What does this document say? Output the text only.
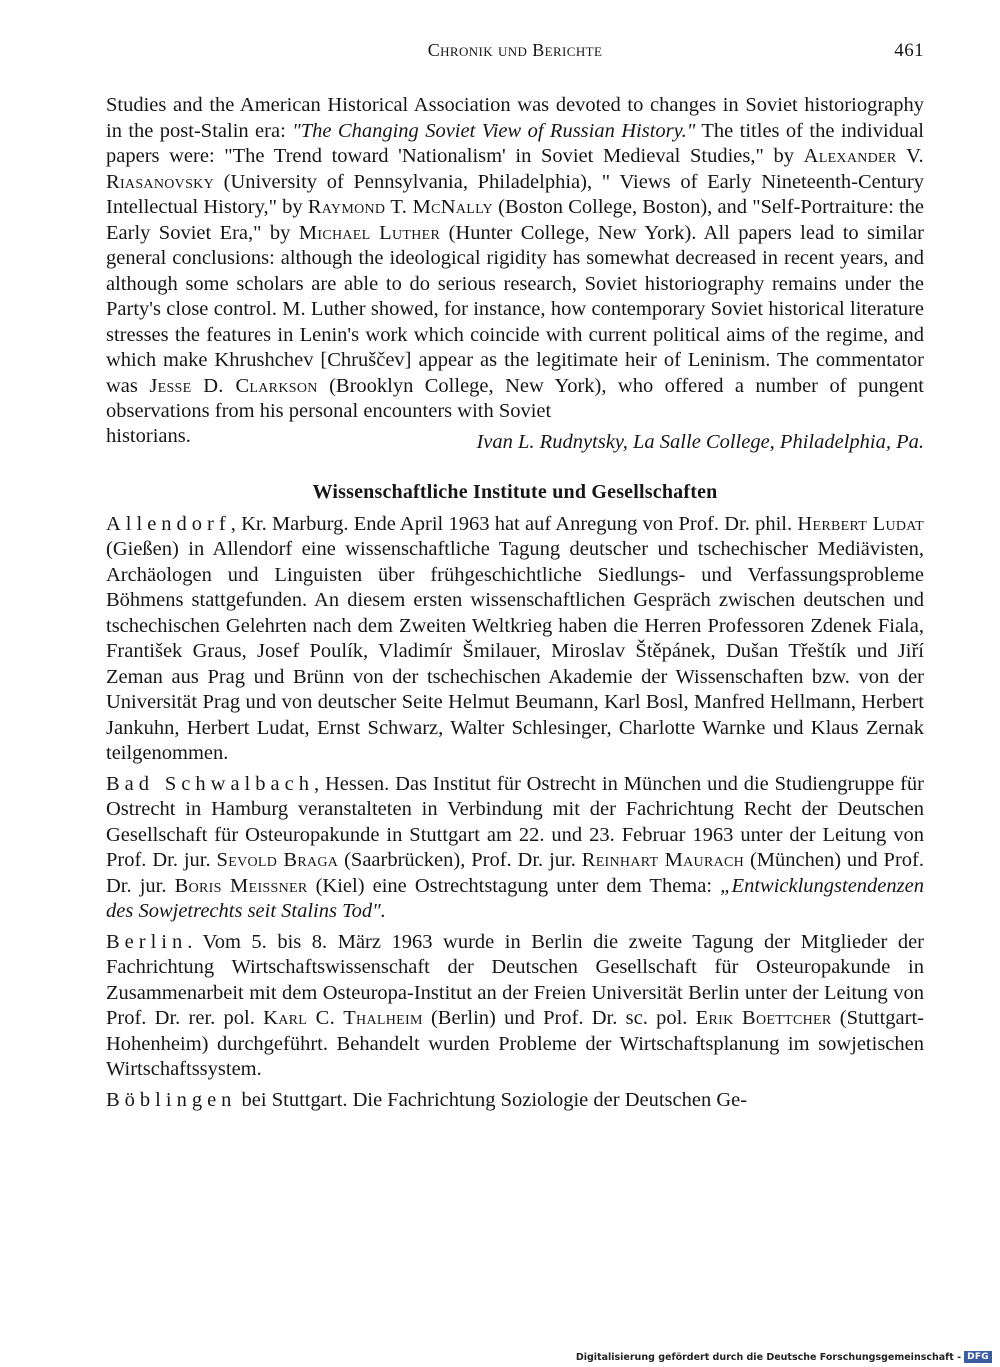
Chronik und Berichte	461

Studies and the American Historical Association was devoted to changes in Soviet historiography in the post-Stalin era: "The Changing Soviet View of Russian History." The titles of the individual papers were: "The Trend toward 'Nationalism' in Soviet Medieval Studies," by Alexander V. Riasanovsky (University of Pennsylvania, Philadelphia), " Views of Early Nineteenth-Century Intellectual History," by Raymond T. McNally (Boston College, Boston), and "Self-Portraiture: the Early Soviet Era," by Michael Luther (Hunter College, New York). All papers lead to similar general conclusions: although the ideological rigidity has somewhat decreased in recent years, and although some scholars are able to do serious research, Soviet historiography remains under the Party's close control. M. Luther showed, for instance, how contemporary Soviet historical literature stresses the features in Lenin's work which coincide with current political aims of the regime, and which make Khrushchev [Chruščev] appear as the legitimate heir of Leninism. The commentator was Jesse D. Clarkson (Brooklyn College, New York), who offered a number of pungent observations from his personal encounters with Soviet

historians.	Ivan L. Rudnytsky, La Salle College, Philadelphia, Pa.
Wissenschaftliche Institute und Gesellschaften

Allendorf, Kr. Marburg. Ende April 1963 hat auf Anregung von Prof. Dr. phil. Herbert Ludat (Gießen) in Allendorf eine wissenschaftliche Tagung deutscher und tschechischer Mediävisten, Archäologen und Linguisten über frühgeschichtliche Siedlungs- und Verfassungsprobleme Böhmens stattgefunden. An diesem ersten wissenschaftlichen Gespräch zwischen deutschen und tschechischen Gelehrten nach dem Zweiten Weltkrieg haben die Herren Professoren Zdenek Fiala, František Graus, Josef Poulík, Vladimír Šmilauer, Miroslav Štěpánek, Dušan Třeštík und Jiří Zeman aus Prag und Brünn von der tschechischen Akademie der Wissenschaften bzw. von der Universität Prag und von deutscher Seite Helmut Beumann, Karl Bosl, Manfred Hellmann, Herbert Jankuhn, Herbert Ludat, Ernst Schwarz, Walter Schlesinger, Charlotte Warnke und Klaus Zernak teilgenommen.

Bad Schwalbach, Hessen. Das Institut für Ostrecht in München und die Studiengruppe für Ostrecht in Hamburg veranstalteten in Verbindung mit der Fachrichtung Recht der Deutschen Gesellschaft für Osteuropakunde in Stuttgart am 22. und 23. Februar 1963 unter der Leitung von Prof. Dr. jur. Sevold Braga (Saarbrücken), Prof. Dr. jur. Reinhart Maurach (München) und Prof. Dr. jur. Boris Meissner (Kiel) eine Ostrechtstagung unter dem Thema: „Entwicklungstendenzen des Sowjetrechts seit Stalins Tod".

Berlin. Vom 5. bis 8. März 1963 wurde in Berlin die zweite Tagung der Mitglieder der Fachrichtung Wirtschaftswissenschaft der Deutschen Gesellschaft für Osteuropakunde in Zusammenarbeit mit dem Osteuropa-Institut an der Freien Universität Berlin unter der Leitung von Prof. Dr. rer. pol. Karl C. Thalheim (Berlin) und Prof. Dr. sc. pol. Erik Boettcher (Stuttgart-Hohenheim) durchgeführt. Behandelt wurden Probleme der Wirtschaftsplanung im sowjetischen Wirtschaftssystem.

Böblingen bei Stuttgart. Die Fachrichtung Soziologie der Deutschen Ge-

Digitalisierung gefördert durch die Deutsche Forschungsgemeinschaft - DFG
